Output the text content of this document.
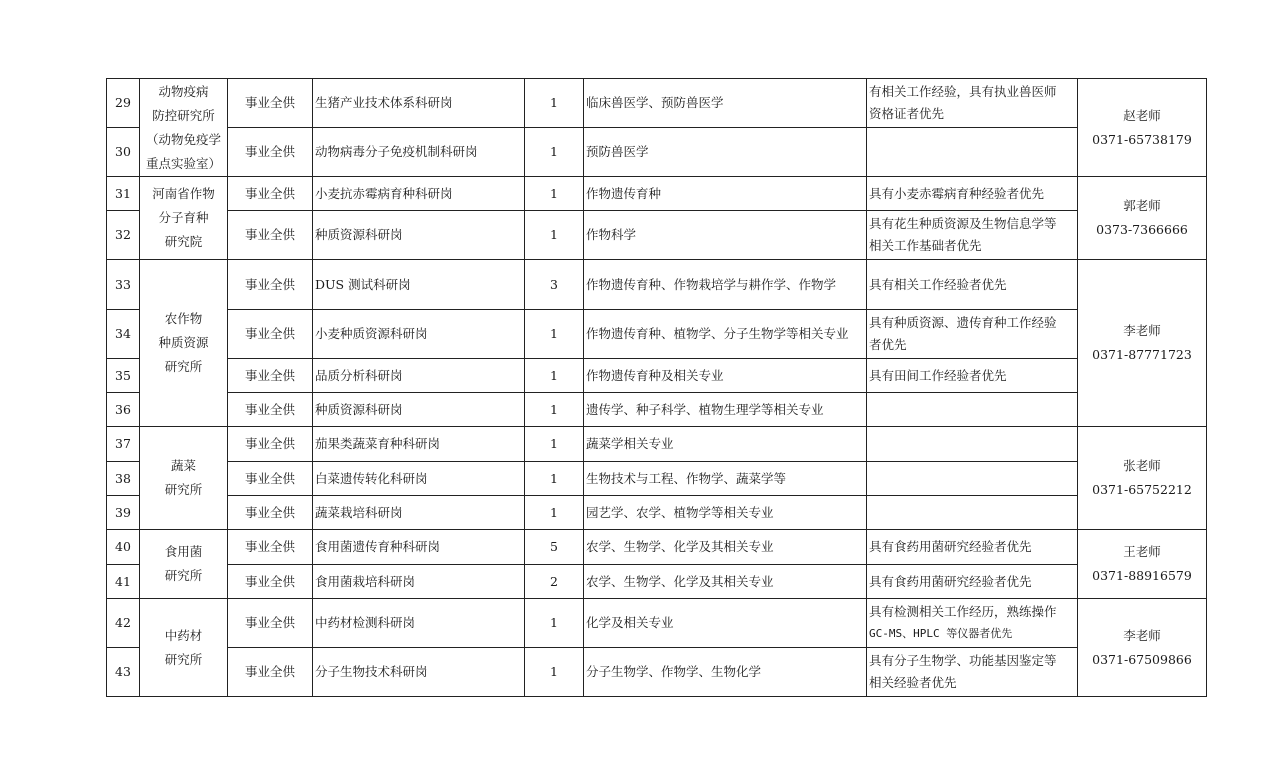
29	动物疫病
防控研究所
（动物免疫学
重点实验室）	事业全供	生猪产业技术体系科研岗	1	临床兽医学、预防兽医学	有相关工作经验，具有执业兽医师
资格证者优先	赵老师
0371-65738179

30		事业全供	动物病毒分子免疫机制科研岗	1	预防兽医学		

31	河南省作物
分子育种
研究院	事业全供	小麦抗赤霉病育种科研岗	1	作物遗传育种	具有小麦赤霉病育种经验者优先	郭老师
0373-7366666

32		事业全供	种质资源科研岗	1	作物科学	具有花生种质资源及生物信息学等
相关工作基础者优先	

33	农作物
种质资源
研究所	事业全供	DUS 测试科研岗	3	作物遗传育种、作物栽培学与耕作学、作物学	具有相关工作经验者优先	李老师
0371-87771723

34		事业全供	小麦种质资源科研岗	1	作物遗传育种、植物学、分子生物学等相关专业	具有种质资源、遗传育种工作经验
者优先	

35		事业全供	品质分析科研岗	1	作物遗传育种及相关专业	具有田间工作经验者优先	

36		事业全供	种质资源科研岗	1	遗传学、种子科学、植物生理学等相关专业		

37	蔬菜
研究所	事业全供	茄果类蔬菜育种科研岗	1	蔬菜学相关专业		张老师
0371-65752212

38		事业全供	白菜遗传转化科研岗	1	生物技术与工程、作物学、蔬菜学等		

39		事业全供	蔬菜栽培科研岗	1	园艺学、农学、植物学等相关专业		

40	食用菌
研究所	事业全供	食用菌遗传育种科研岗	5	农学、生物学、化学及其相关专业	具有食药用菌研究经验者优先	王老师
0371-88916579

41		事业全供	食用菌栽培科研岗	2	农学、生物学、化学及其相关专业	具有食药用菌研究经验者优先	

42	中药材
研究所	事业全供	中药材检测科研岗	1	化学及相关专业	具有检测相关工作经历，熟练操作
GC-MS、HPLC 等仪器者优先	李老师
0371-67509866

43		事业全供	分子生物技术科研岗	1	分子生物学、作物学、生物化学	具有分子生物学、功能基因鉴定等
相关经验者优先	
